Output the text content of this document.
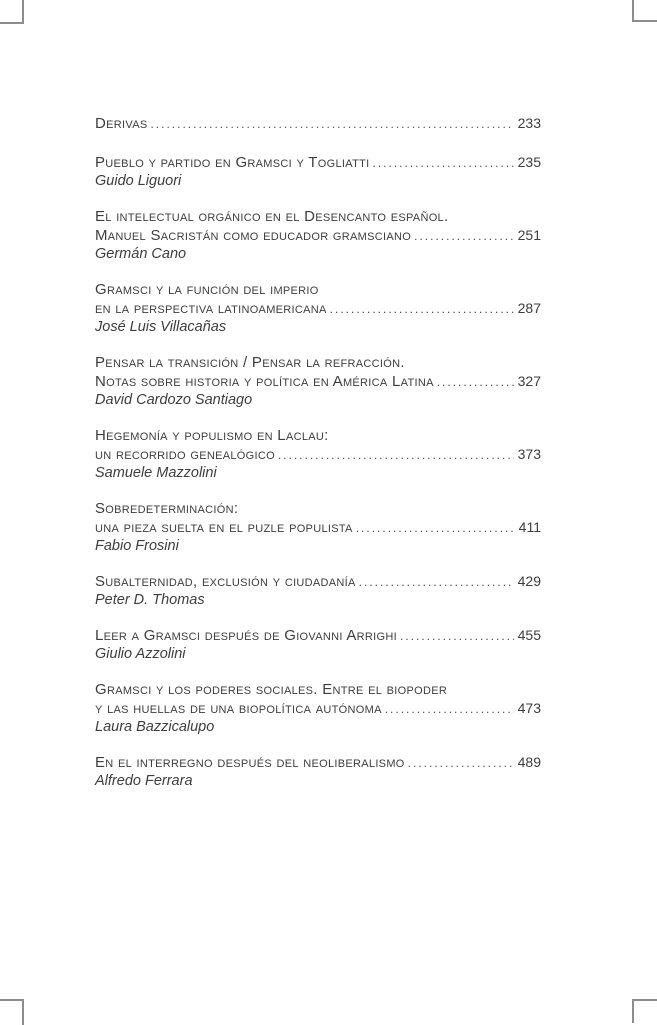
Derivas .....	233
Pueblo y partido en Gramsci y Togliatti .....	235
Guido Liguori
El intelectual orgánico en el Desencanto español.
Manuel Sacristán como educador gramsciano .....	251
Germán Cano
Gramsci y la función del imperio
en la perspectiva latinoamericana .....	287
José Luis Villacañas
Pensar la transición / Pensar la refracción.
Notas sobre historia y política en América Latina .....	327
David Cardozo Santiago
Hegemonía y populismo en Laclau:
un recorrido genealógico .....	373
Samuele Mazzolini
Sobredeterminación:
una pieza suelta en el puzle populista .....	411
Fabio Frosini
Subalternidad, exclusión y ciudadanía .....	429
Peter D. Thomas
Leer a Gramsci después de Giovanni Arrighi .....	455
Giulio Azzolini
Gramsci y los poderes sociales. Entre el biopoder
y las huellas de una biopolítica autónoma .....	473
Laura Bazzicalupo
En el interregno después del neoliberalismo .....	489
Alfredo Ferrara
